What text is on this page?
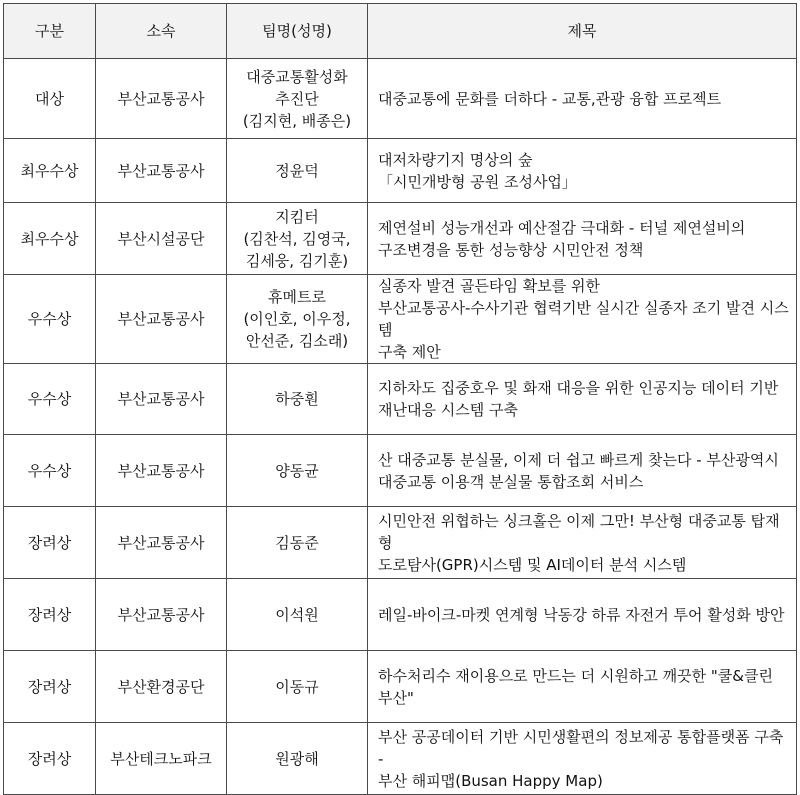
구분	소속	팀명(성명)	제목
대상	부산교통공사	대중교통활성화
추진단
(김지현, 배종은)	대중교통에 문화를 더하다 - 교통,관광 융합 프로젝트

최우수상	부산교통공사	정윤덕	대저차량기지 명상의 숲
「시민개방형 공원 조성사업」

최우수상	부산시설공단	지킴터
(김찬석, 김영국,
김세웅, 김기훈)	제연설비 성능개선과 예산절감 극대화 - 터널 제연설비의
구조변경을 통한 성능향상 시민안전 정책

우수상	부산교통공사	휴메트로
(이인호, 이우정,
안선준, 김소래)	실종자 발견 골든타임 확보를 위한
부산교통공사-수사기관 협력기반 실시간 실종자 조기 발견 시스템
구축 제안

우수상	부산교통공사	하중훤	지하차도 집중호우 및 화재 대응을 위한 인공지능 데이터 기반
재난대응 시스템 구축

우수상	부산교통공사	양동균	산 대중교통 분실물, 이제 더 쉽고 빠르게 찾는다 - 부산광역시
대중교통 이용객 분실물 통합조회 서비스

장려상	부산교통공사	김동준	시민안전 위협하는 싱크홀은 이제 그만! 부산형 대중교통 탑재형
도로탐사(GPR)시스템 및 AI데이터 분석 시스템

장려상	부산교통공사	이석원	레일-바이크-마켓 연계형 낙동강 하류 자전거 투어 활성화 방안

장려상	부산환경공단	이동규	하수처리수 재이용으로 만드는 더 시원하고 깨끗한 "쿨&클린
부산"

장려상	부산테크노파크	원광해	부산 공공데이터 기반 시민생활편의 정보제공 통합플랫폼 구축 -
부산 해피맵(Busan Happy Map)
